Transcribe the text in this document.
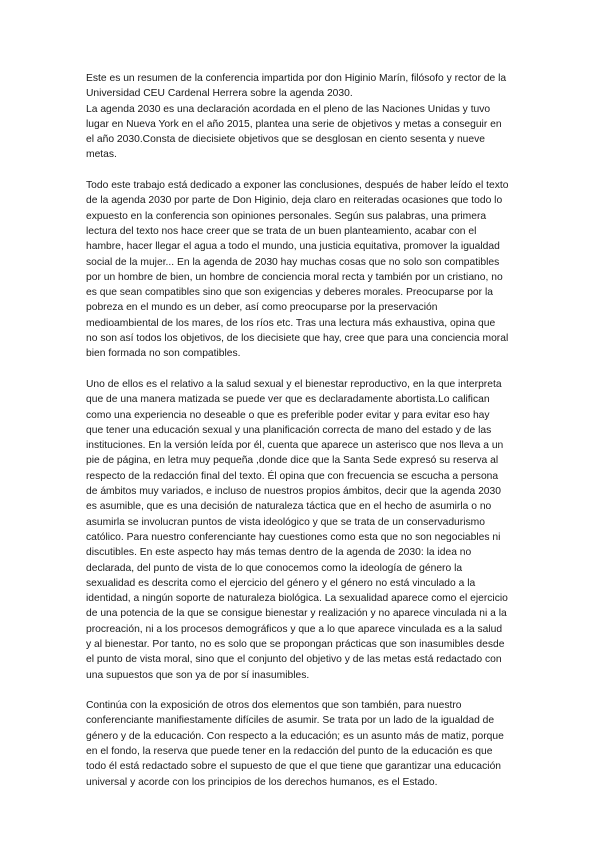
Este es un resumen de la conferencia impartida por don Higinio Marín, filósofo y rector de la
Universidad CEU Cardenal Herrera sobre la agenda 2030.
La agenda 2030 es una declaración acordada en el pleno de las Naciones Unidas y tuvo
lugar en Nueva York en el año 2015, plantea una serie de objetivos y metas a conseguir en
el año 2030.Consta de diecisiete objetivos que se desglosan en ciento sesenta y nueve
metas.

Todo este trabajo está dedicado a exponer las conclusiones, después de haber leído el texto
de la agenda 2030 por parte de Don Higinio, deja claro en reiteradas ocasiones que todo lo
expuesto en la conferencia son opiniones personales. Según sus palabras, una primera
lectura del texto nos hace creer que se trata de un buen planteamiento, acabar con el
hambre, hacer llegar el agua a todo el mundo, una justicia equitativa, promover la igualdad
social de la mujer... En la agenda de 2030 hay muchas cosas que no solo son compatibles
por un hombre de bien, un hombre de conciencia moral recta y también por un cristiano, no
es que sean compatibles sino que son exigencias y deberes morales. Preocuparse por la
pobreza en el mundo es un deber, así como preocuparse por la preservación
medioambiental de los mares, de los ríos etc. Tras una lectura más exhaustiva, opina que
no son así todos los objetivos, de los diecisiete que hay, cree que para una conciencia moral
bien formada no son compatibles.

Uno de ellos es el relativo a la salud sexual y el bienestar reproductivo, en la que interpreta
que de una manera matizada se puede ver que es declaradamente abortista.Lo califican
como una experiencia no deseable o que es preferible poder evitar y para evitar eso hay
que tener una educación sexual y una planificación correcta de mano del estado y de las
instituciones. En la versión leída por él, cuenta que aparece un asterisco que nos lleva a un
pie de página, en letra muy pequeña ,donde dice que la Santa Sede expresó su reserva al
respecto de la redacción final del texto. Él opina que con frecuencia se escucha a persona
de ámbitos muy variados, e incluso de nuestros propios ámbitos, decir que la agenda 2030
es asumible, que es una decisión de naturaleza táctica que en el hecho de asumirla o no
asumirla se involucran puntos de vista ideológico y que se trata de un conservadurismo
católico. Para nuestro conferenciante hay cuestiones como esta que no son negociables ni
discutibles. En este aspecto hay más temas dentro de la agenda de 2030: la idea no
declarada, del punto de vista de lo que conocemos como la ideología de género la
sexualidad es descrita como el ejercicio del género y el género no está vinculado a la
identidad, a ningún soporte de naturaleza biológica. La sexualidad aparece como el ejercicio
de una potencia de la que se consigue bienestar y realización y no aparece vinculada ni a la
procreación, ni a los procesos demográficos y que a lo que aparece vinculada es a la salud
y al bienestar. Por tanto, no es solo que se propongan prácticas que son inasumibles desde
el punto de vista moral, sino que el conjunto del objetivo y de las metas está redactado con
una supuestos que son ya de por sí inasumibles.

Continúa con la exposición de otros dos elementos que son también, para nuestro
conferenciante manifiestamente difíciles de asumir. Se trata por un lado de la igualdad de
género y de la educación. Con respecto a la educación; es un asunto más de matiz, porque
en el fondo, la reserva que puede tener en la redacción del punto de la educación es que
todo él está redactado sobre el supuesto de que el que tiene que garantizar una educación
universal y acorde con los principios de los derechos humanos, es el Estado.
